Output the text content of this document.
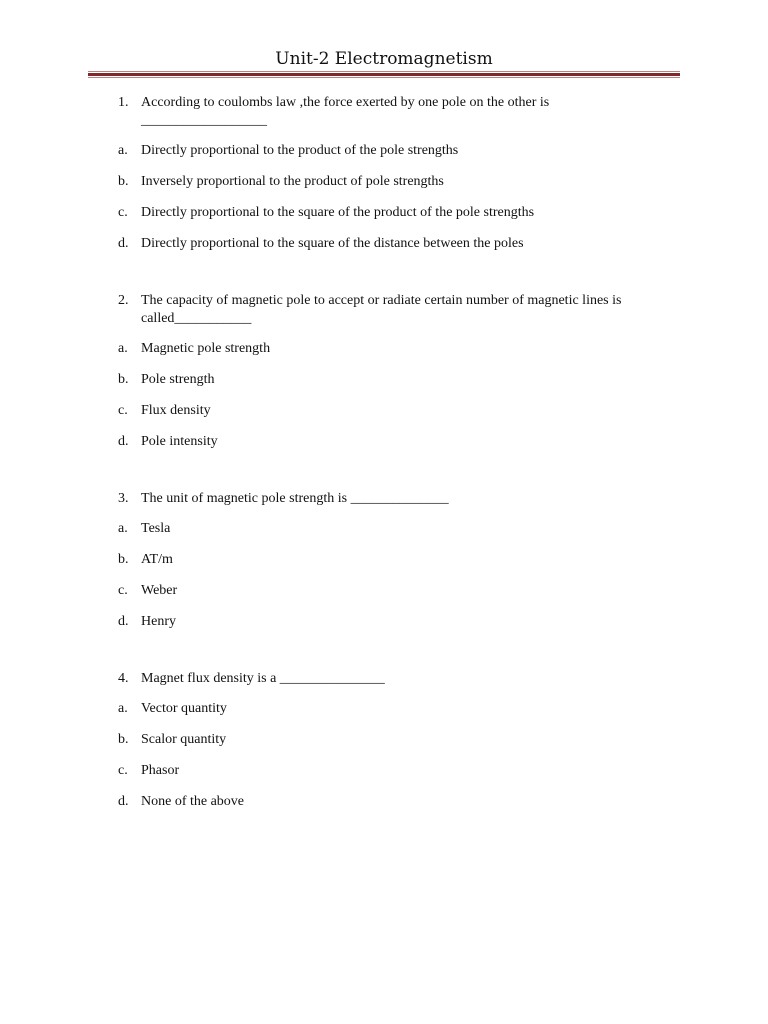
Unit-2 Electromagnetism
1. According to coulombs law ,the force exerted by one pole on the other is __________________
a. Directly proportional to the product of the pole strengths
b. Inversely proportional to the product of pole strengths
c. Directly proportional to the square of the product of the pole strengths
d. Directly proportional to the square of the distance between the poles
2. The capacity of magnetic pole to accept or radiate certain number of magnetic lines is called___________
a. Magnetic pole strength
b. Pole strength
c. Flux density
d. Pole intensity
3. The unit of magnetic pole strength is ______________
a. Tesla
b. AT/m
c. Weber
d. Henry
4. Magnet flux density is a _______________
a. Vector quantity
b. Scalor quantity
c. Phasor
d. None of the above
